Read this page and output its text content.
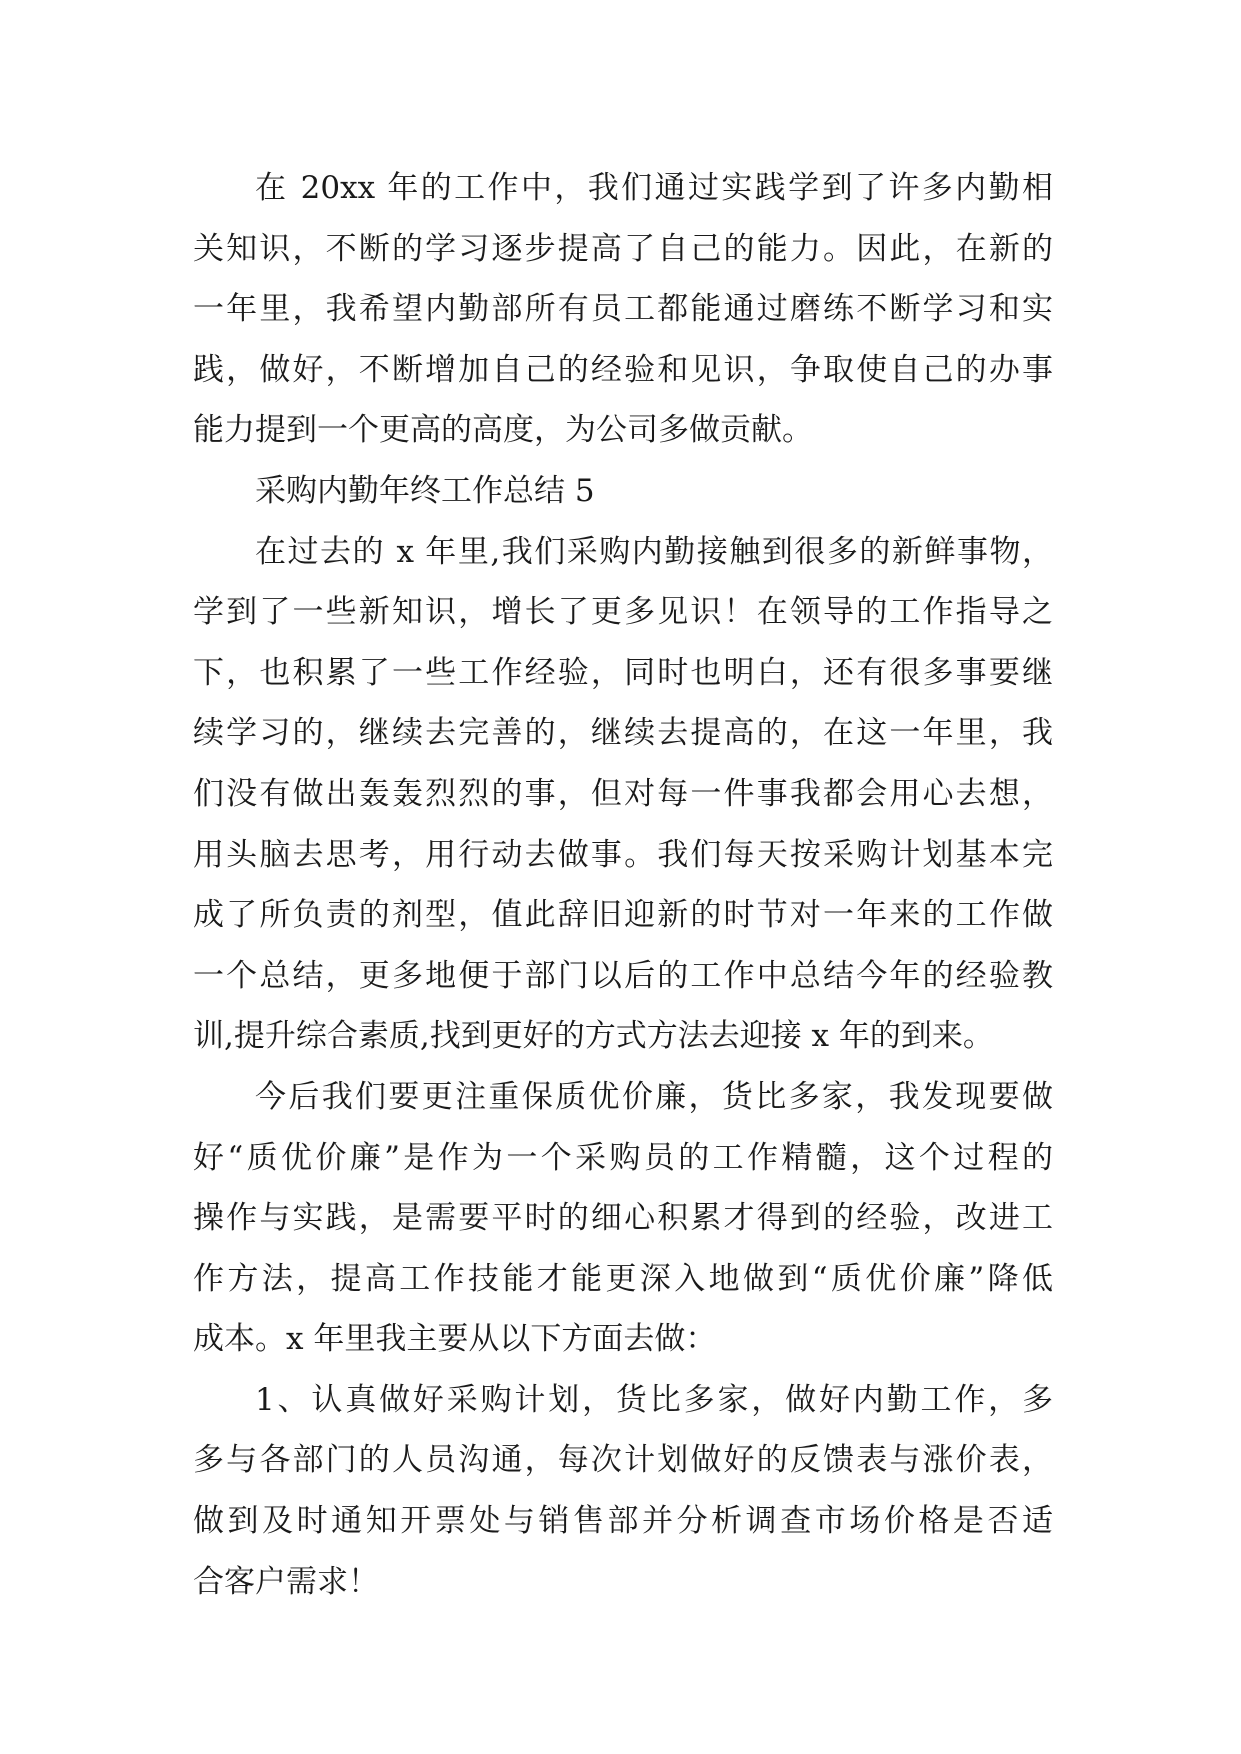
在 20xx 年的工作中，我们通过实践学到了许多内勤相
关知识，不断的学习逐步提高了自己的能力。因此，在新的
一年里，我希望内勤部所有员工都能通过磨练不断学习和实
践，做好，不断增加自己的经验和见识，争取使自己的办事
能力提到一个更高的高度，为公司多做贡献。
采购内勤年终工作总结 5
在过去的 x 年里,我们采购内勤接触到很多的新鲜事物，
学到了一些新知识，增长了更多见识！在领导的工作指导之
下，也积累了一些工作经验，同时也明白，还有很多事要继
续学习的，继续去完善的，继续去提高的，在这一年里，我
们没有做出轰轰烈烈的事，但对每一件事我都会用心去想，
用头脑去思考，用行动去做事。我们每天按采购计划基本完
成了所负责的剂型，值此辞旧迎新的时节对一年来的工作做
一个总结，更多地便于部门以后的工作中总结今年的经验教
训,提升综合素质,找到更好的方式方法去迎接 x 年的到来。
今后我们要更注重保质优价廉，货比多家，我发现要做
好“质优价廉”是作为一个采购员的工作精髓，这个过程的
操作与实践，是需要平时的细心积累才得到的经验，改进工
作方法，提高工作技能才能更深入地做到“质优价廉”降低
成本。x 年里我主要从以下方面去做：
1、认真做好采购计划，货比多家，做好内勤工作，多
多与各部门的人员沟通，每次计划做好的反馈表与涨价表，
做到及时通知开票处与销售部并分析调查市场价格是否适
合客户需求！
